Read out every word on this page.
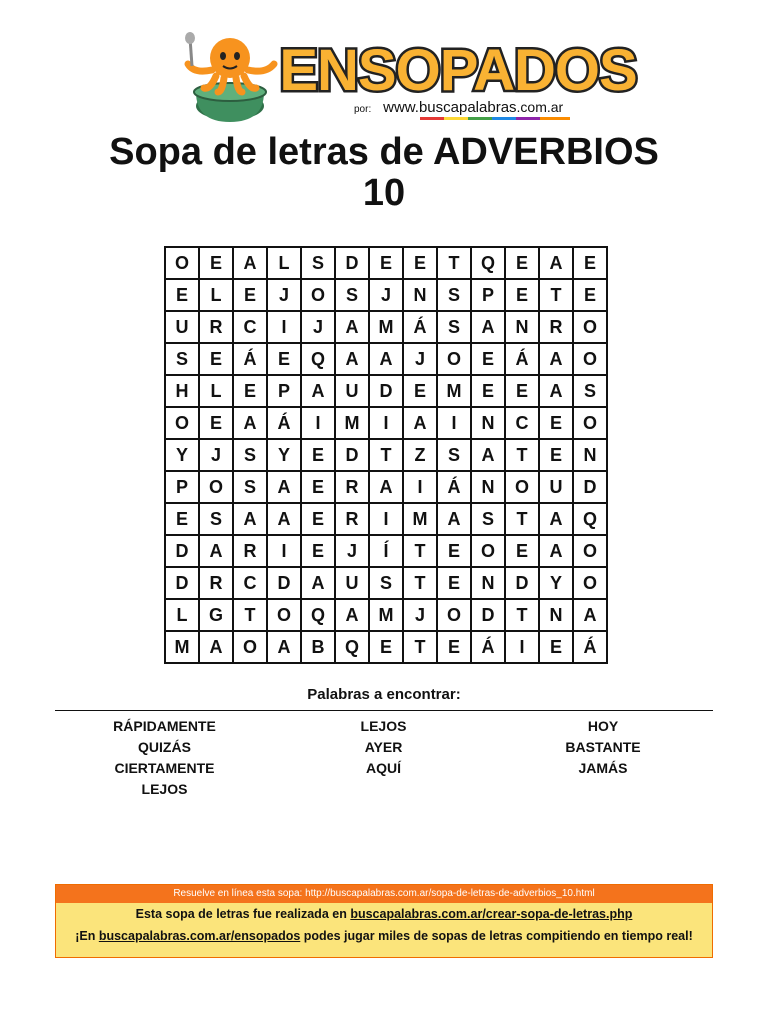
ENSOPADOS
por: www.buscapalabras.com.ar
Sopa de letras de ADVERBIOS
10
O	E	A	L	S	D	E	E	T	Q	E	A	E
E	L	E	J	O	S	J	N	S	P	E	T	E
U	R	C	I	J	A	M	Á	S	A	N	R	O
S	E	Á	E	Q	A	A	J	O	E	Á	A	O
H	L	E	P	A	U	D	E	M	E	E	A	S
O	E	A	Á	I	M	I	A	I	N	C	E	O
Y	J	S	Y	E	D	T	Z	S	A	T	E	N
P	O	S	A	E	R	A	I	Á	N	O	U	D
E	S	A	A	E	R	I	M	A	S	T	A	Q
D	A	R	I	E	J	Í	T	E	O	E	A	O
D	R	C	D	A	U	S	T	E	N	D	Y	O
L	G	T	O	Q	A	M	J	O	D	T	N	A
M	A	O	A	B	Q	E	T	E	Á	I	E	Á
Palabras a encontrar:
RÁPIDAMENTE
QUIZÁS
CIERTAMENTE
LEJOS
LEJOS
AYER
AQUÍ
HOY
BASTANTE
JAMÁS
Resuelve en línea esta sopa: http://buscapalabras.com.ar/sopa-de-letras-de-adverbios_10.html
Esta sopa de letras fue realizada en buscapalabras.com.ar/crear-sopa-de-letras.php
¡En buscapalabras.com.ar/ensopados podes jugar miles de sopas de letras compitiendo en tiempo real!
